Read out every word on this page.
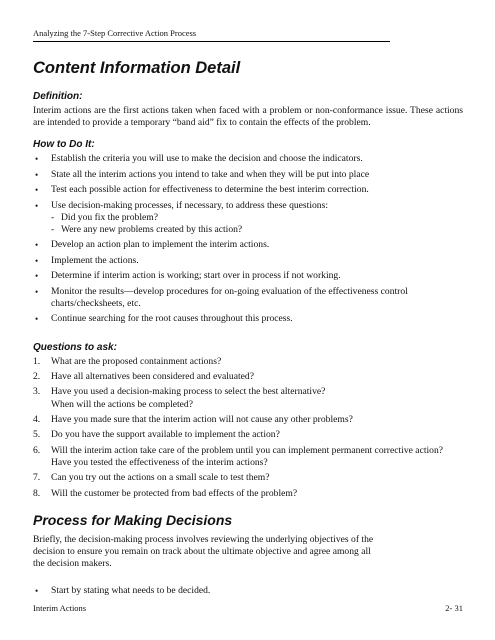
Analyzing the 7-Step Corrective Action Process
Content Information Detail
Definition:

Interim actions are the first actions taken when faced with a problem or non-conformance issue. These actions are intended to provide a temporary “band aid” fix to contain the effects of the problem.

How to Do It:
• Establish the criteria you will use to make the decision and choose the indicators.
• State all the interim actions you intend to take and when they will be put into place
• Test each possible action for effectiveness to determine the best interim correction.
• Use decision-making processes, if necessary, to address these questions:
- Did you fix the problem?
- Were any new problems created by this action?
• Develop an action plan to implement the interim actions.
• Implement the actions.
• Determine if interim action is working; start over in process if not working.
• Monitor the results—develop procedures for on-going evaluation of the effectiveness control charts/checksheets, etc.
• Continue searching for the root causes throughout this process.
Questions to ask:
1. What are the proposed containment actions?
2. Have all alternatives been considered and evaluated?
3. Have you used a decision-making process to select the best alternative?
When will the actions be completed?
4. Have you made sure that the interim action will not cause any other problems?
5. Do you have the support available to implement the action?
6. Will the interim action take care of the problem until you can implement permanent corrective action?
Have you tested the effectiveness of the interim actions?
7. Can you try out the actions on a small scale to test them?
8. Will the customer be protected from bad effects of the problem?
Process for Making Decisions

Briefly, the decision-making process involves reviewing the underlying objectives of the
decision to ensure you remain on track about the ultimate objective and agree among all
the decision makers.

• Start by stating what needs to be decided.
Interim Actions	2- 31
